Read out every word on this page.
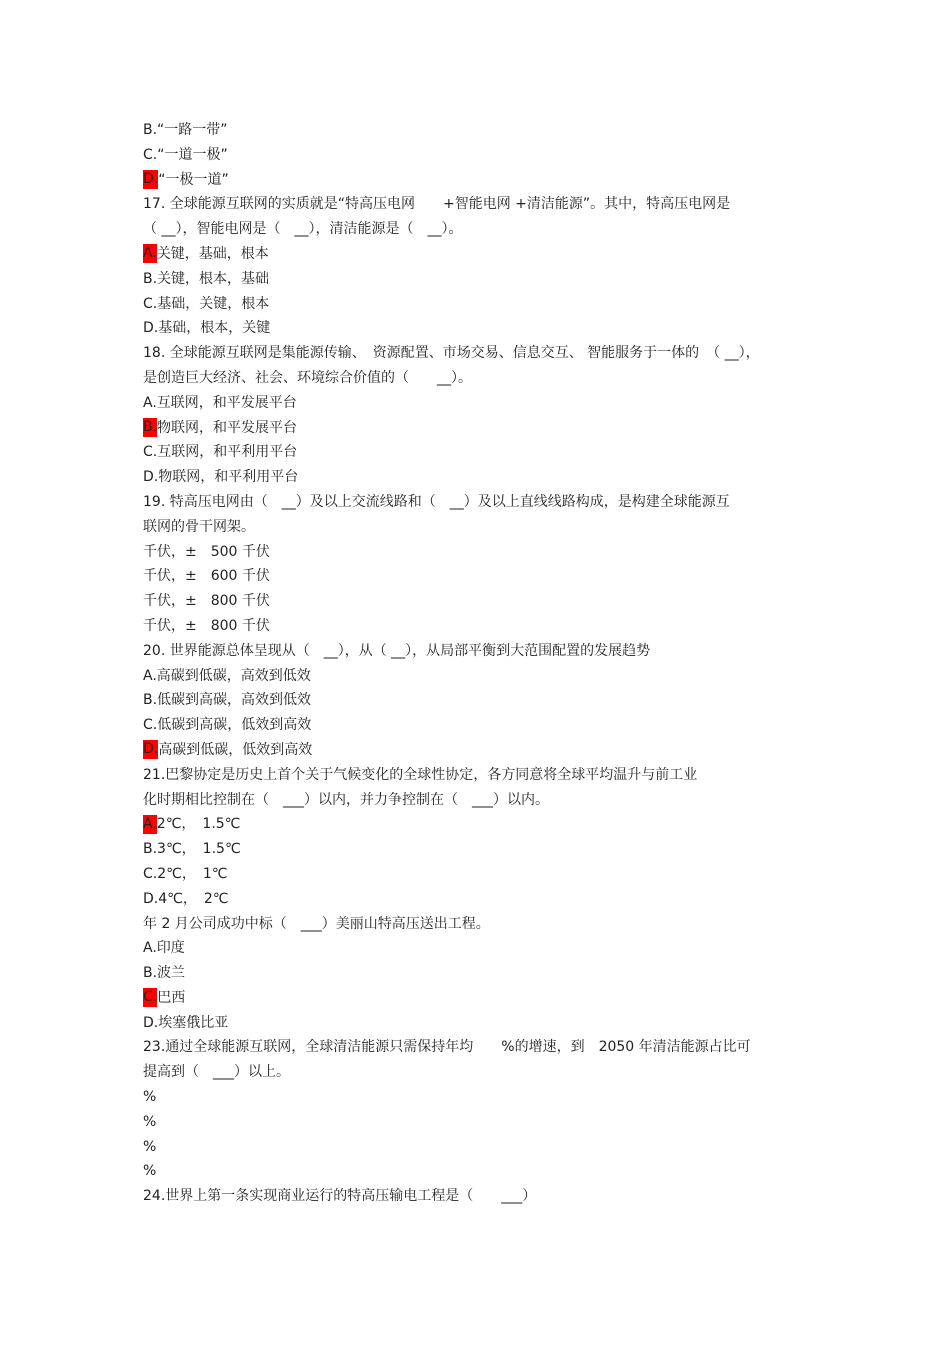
B.“一路一带”
C.“一道一极”
D.“一极一道”
17. 全球能源互联网的实质就是“特高压电网　　+智能电网 +清洁能源”。其中，特高压电网是
（ __），智能电网是（　__），清洁能源是（　__）。
A.关键，基础，根本
B.关键，根本，基础
C.基础，关键，根本
D.基础，根本，关键
18. 全球能源互联网是集能源传输、　资源配置、市场交易、信息交互、 智能服务于一体的　（ __），
是创造巨大经济、社会、环境综合价值的（　　__）。
A.互联网，和平发展平台
B.物联网，和平发展平台
C.互联网，和平利用平台
D.物联网，和平利用平台
19. 特高压电网由（　__）及以上交流线路和（　__）及以上直线线路构成，是构建全球能源互
联网的骨干网架。
千伏，±　500 千伏
千伏，±　600 千伏
千伏，±　800 千伏
千伏，±　800 千伏
20. 世界能源总体呈现从（　__），从（ __），从局部平衡到大范围配置的发展趋势
A.高碳到低碳，高效到低效
B.低碳到高碳，高效到低效
C.低碳到高碳，低效到高效
D.高碳到低碳，低效到高效
21.巴黎协定是历史上首个关于气候变化的全球性协定，各方同意将全球平均温升与前工业
化时期相比控制在（　___）以内，并力争控制在（　___）以内。
A.2℃，　1.5℃
B.3℃，　1.5℃
C.2℃，　1℃
D.4℃，　2℃
年 2 月公司成功中标（　___）美丽山特高压送出工程。
A.印度
B.波兰
C.巴西
D.埃塞俄比亚
23.通过全球能源互联网，全球清洁能源只需保持年均　　%的增速，到　2050 年清洁能源占比可
提高到（　___）以上。
%
%
%
%
24.世界上第一条实现商业运行的特高压输电工程是（　　___）
